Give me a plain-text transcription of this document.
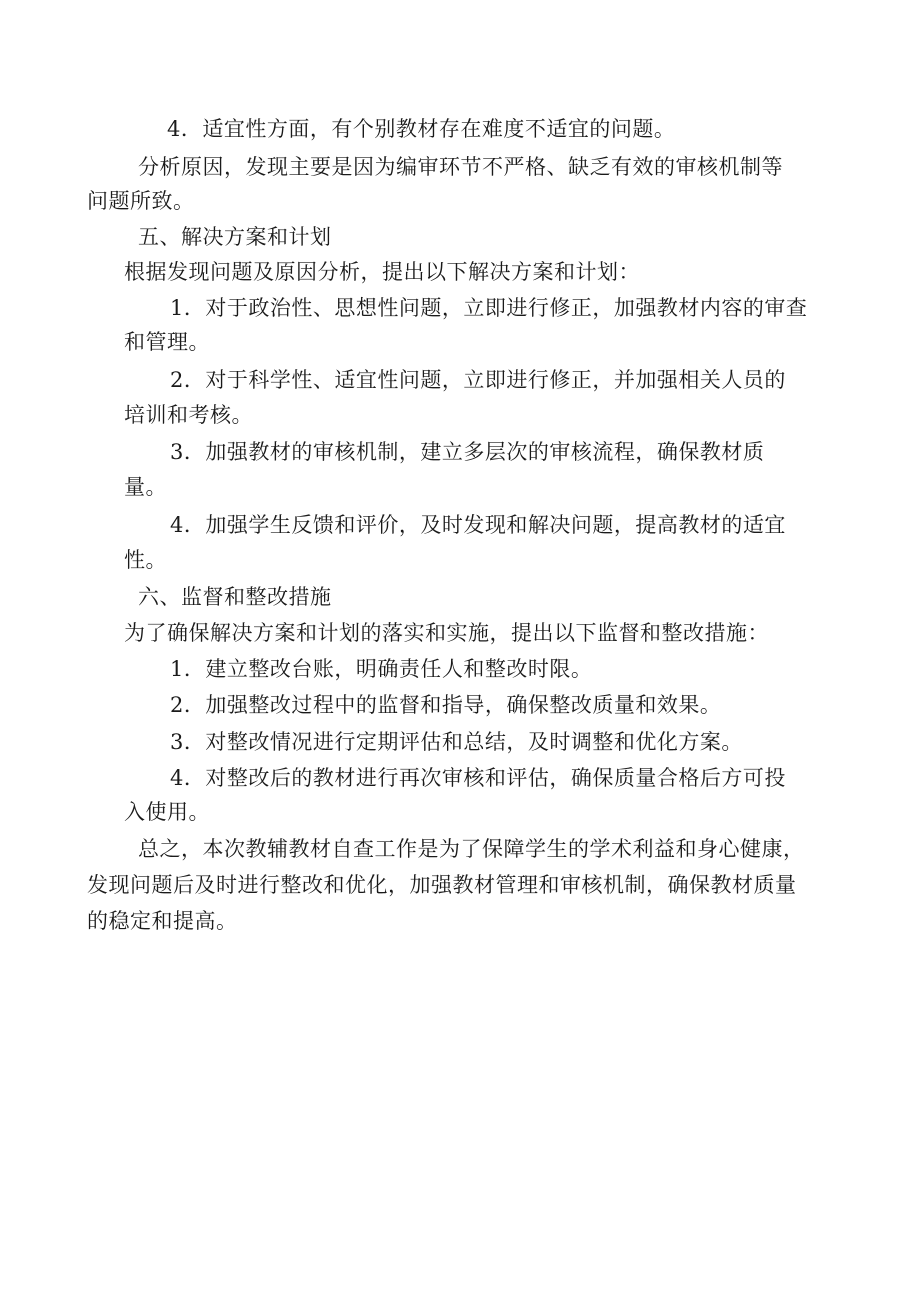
4．适宜性方面，有个别教材存在难度不适宜的问题。

分析原因，发现主要是因为编审环节不严格、缺乏有效的审核机制等

问题所致。

五、解决方案和计划

根据发现问题及原因分析，提出以下解决方案和计划：

1．对于政治性、思想性问题，立即进行修正，加强教材内容的审查

和管理。

2．对于科学性、适宜性问题，立即进行修正，并加强相关人员的

培训和考核。

3．加强教材的审核机制，建立多层次的审核流程，确保教材质

量。

4．加强学生反馈和评价，及时发现和解决问题，提高教材的适宜

性。

六、监督和整改措施

为了确保解决方案和计划的落实和实施，提出以下监督和整改措施：

1．建立整改台账，明确责任人和整改时限。

2．加强整改过程中的监督和指导，确保整改质量和效果。

3．对整改情况进行定期评估和总结，及时调整和优化方案。

4．对整改后的教材进行再次审核和评估，确保质量合格后方可投

入使用。

总之，本次教辅教材自查工作是为了保障学生的学术利益和身心健康，

发现问题后及时进行整改和优化，加强教材管理和审核机制，确保教材质量

的稳定和提高。
